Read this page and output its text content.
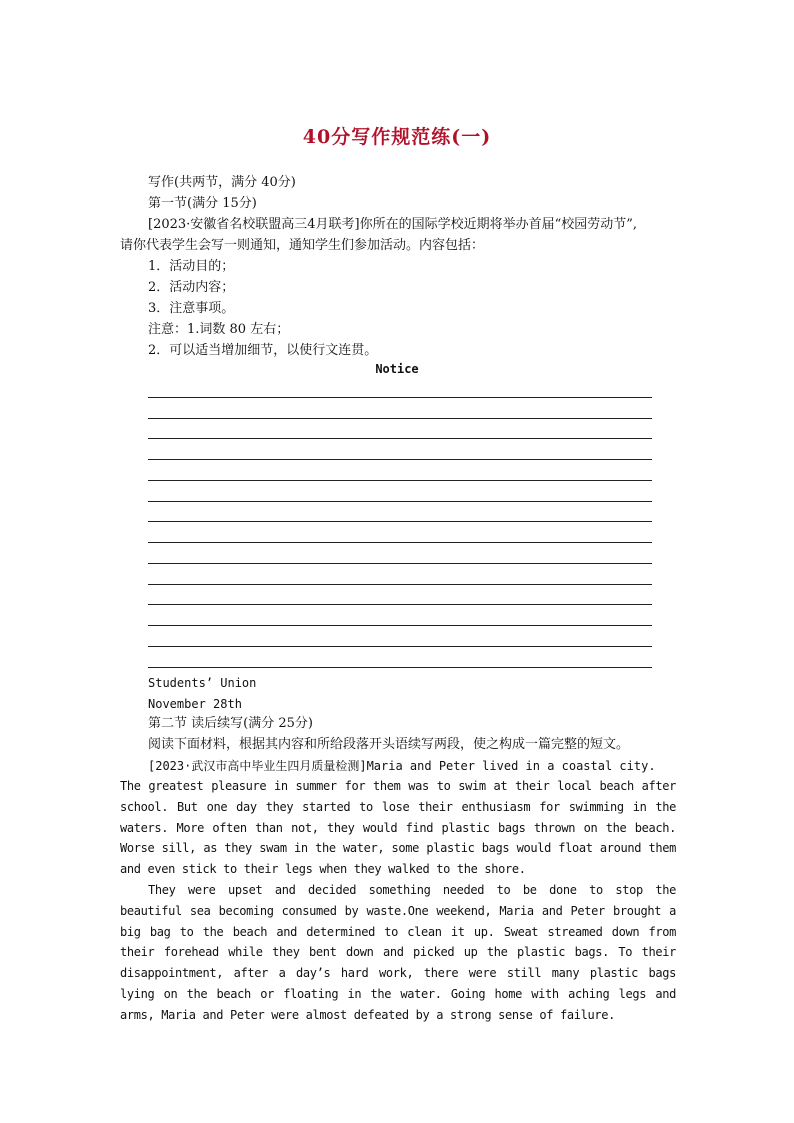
40分写作规范练(一)
写作(共两节，满分 40分)
第一节(满分 15分)
[2023·安徽省名校联盟高三4月联考]你所在的国际学校近期将举办首届“校园劳动节”,
请你代表学生会写一则通知，通知学生们参加活动。内容包括：
1．活动目的；
2．活动内容；
3．注意事项。
注意：1.词数 80 左右；
2．可以适当增加细节，以使行文连贯。
Notice
Students’ Union
November 28th
第二节 读后续写(满分 25分)
阅读下面材料，根据其内容和所给段落开头语续写两段，使之构成一篇完整的短文。
[2023·武汉市高中毕业生四月质量检测]Maria and Peter lived in a coastal city.
The greatest pleasure in summer for them was to swim at their local beach after school. But one day they started to lose their enthusiasm for swimming in the waters. More often than not, they would find plastic bags thrown on the beach. Worse sill, as they swam in the water, some plastic bags would float around them and even stick to their legs when they walked to the shore.
They were upset and decided something needed to be done to stop the beautiful sea becoming consumed by waste.One weekend, Maria and Peter brought a big bag to the beach and determined to clean it up. Sweat streamed down from their forehead while they bent down and picked up the plastic bags. To their disappointment, after a day’s hard work, there were still many plastic bags lying on the beach or floating in the water. Going home with aching legs and arms, Maria and Peter were almost defeated by a strong sense of failure.
